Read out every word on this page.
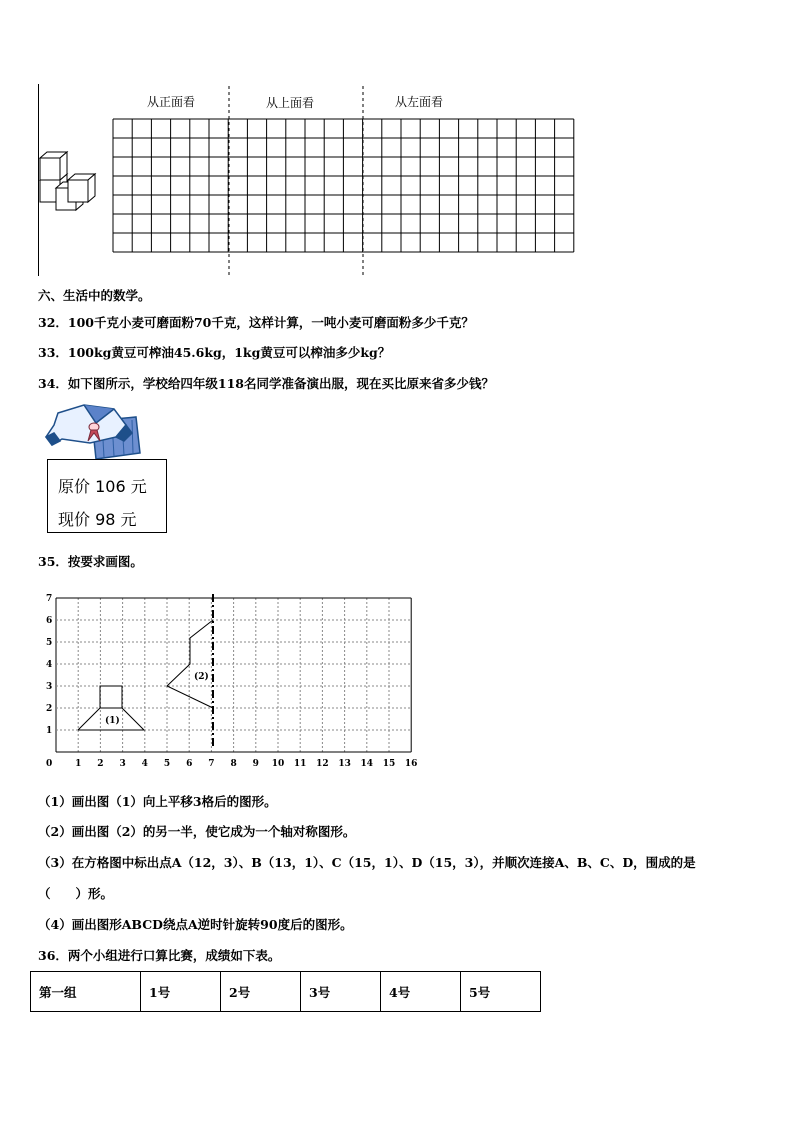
从正面看	从上面看	从左面看
六、生活中的数学。
32．100千克小麦可磨面粉70千克，这样计算，一吨小麦可磨面粉多少千克？
33．100kg黄豆可榨油45.6kg，1kg黄豆可以榨油多少kg？
34．如下图所示，学校给四年级118名同学准备演出服，现在买比原来省多少钱？
原价 106 元
现价 98 元
35．按要求画图。
0	1 2 3 4 5 6 7 8 9 10 11 12 13 14 15 16
1
2
3
4
5
6
7
(1)
(2)
（1）画出图（1）向上平移3格后的图形。
（2）画出图（2）的另一半，使它成为一个轴对称图形。
（3）在方格图中标出点A（12，3）、B（13，1）、C（15，1）、D（15，3），并顺次连接A、B、C、D，围成的是
（　　）形。
（4）画出图形ABCD绕点A逆时针旋转90度后的图形。
36．两个小组进行口算比赛，成绩如下表。
第一组	1号	2号	3号	4号	5号
